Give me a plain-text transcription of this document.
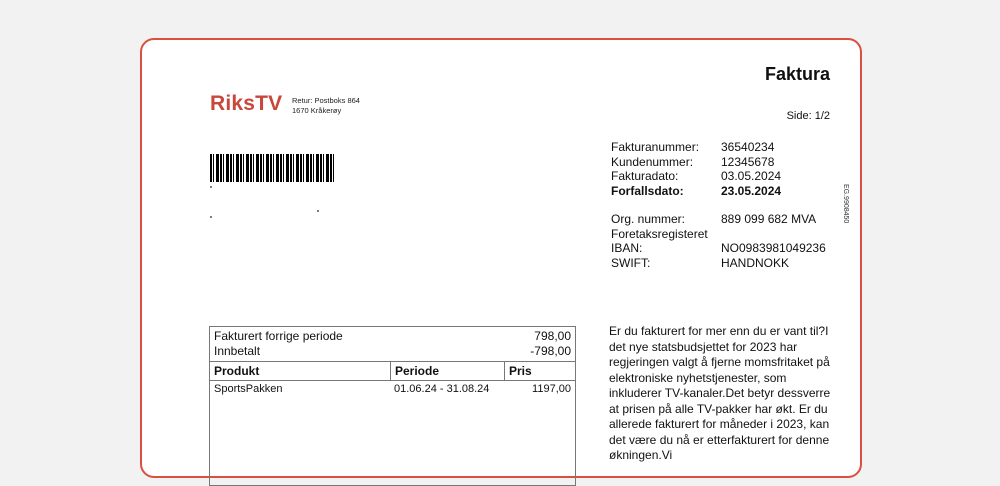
RiksTV Retur: Postboks 864
1670 Kråkerøy
Faktura
Side: 1/2
Fakturanummer:	36540234
Kundenummer:	12345678
Fakturadato:	03.05.2024
Forfallsdato:	23.05.2024
Org. nummer:	889 099 682 MVA
Foretaksregisteret
IBAN:	NO0983981049236
SWIFT:	HANDNOKK
EG.9908450
Fakturert forrige periode	798,00
Innbetalt	-798,00
Produkt	Periode	Pris
SportsPakken	01.06.24 - 31.08.24	1197,00
Er du fakturert for mer enn du er vant til?I det nye statsbudsjettet for 2023 har regjeringen valgt å fjerne momsfritaket på elektroniske nyhetstjenester, som inkluderer TV-kanaler.Det betyr dessverre at prisen på alle TV-pakker har økt. Er du allerede fakturert for måneder i 2023, kan det være du nå er etterfakturert for denne økningen.Vi
